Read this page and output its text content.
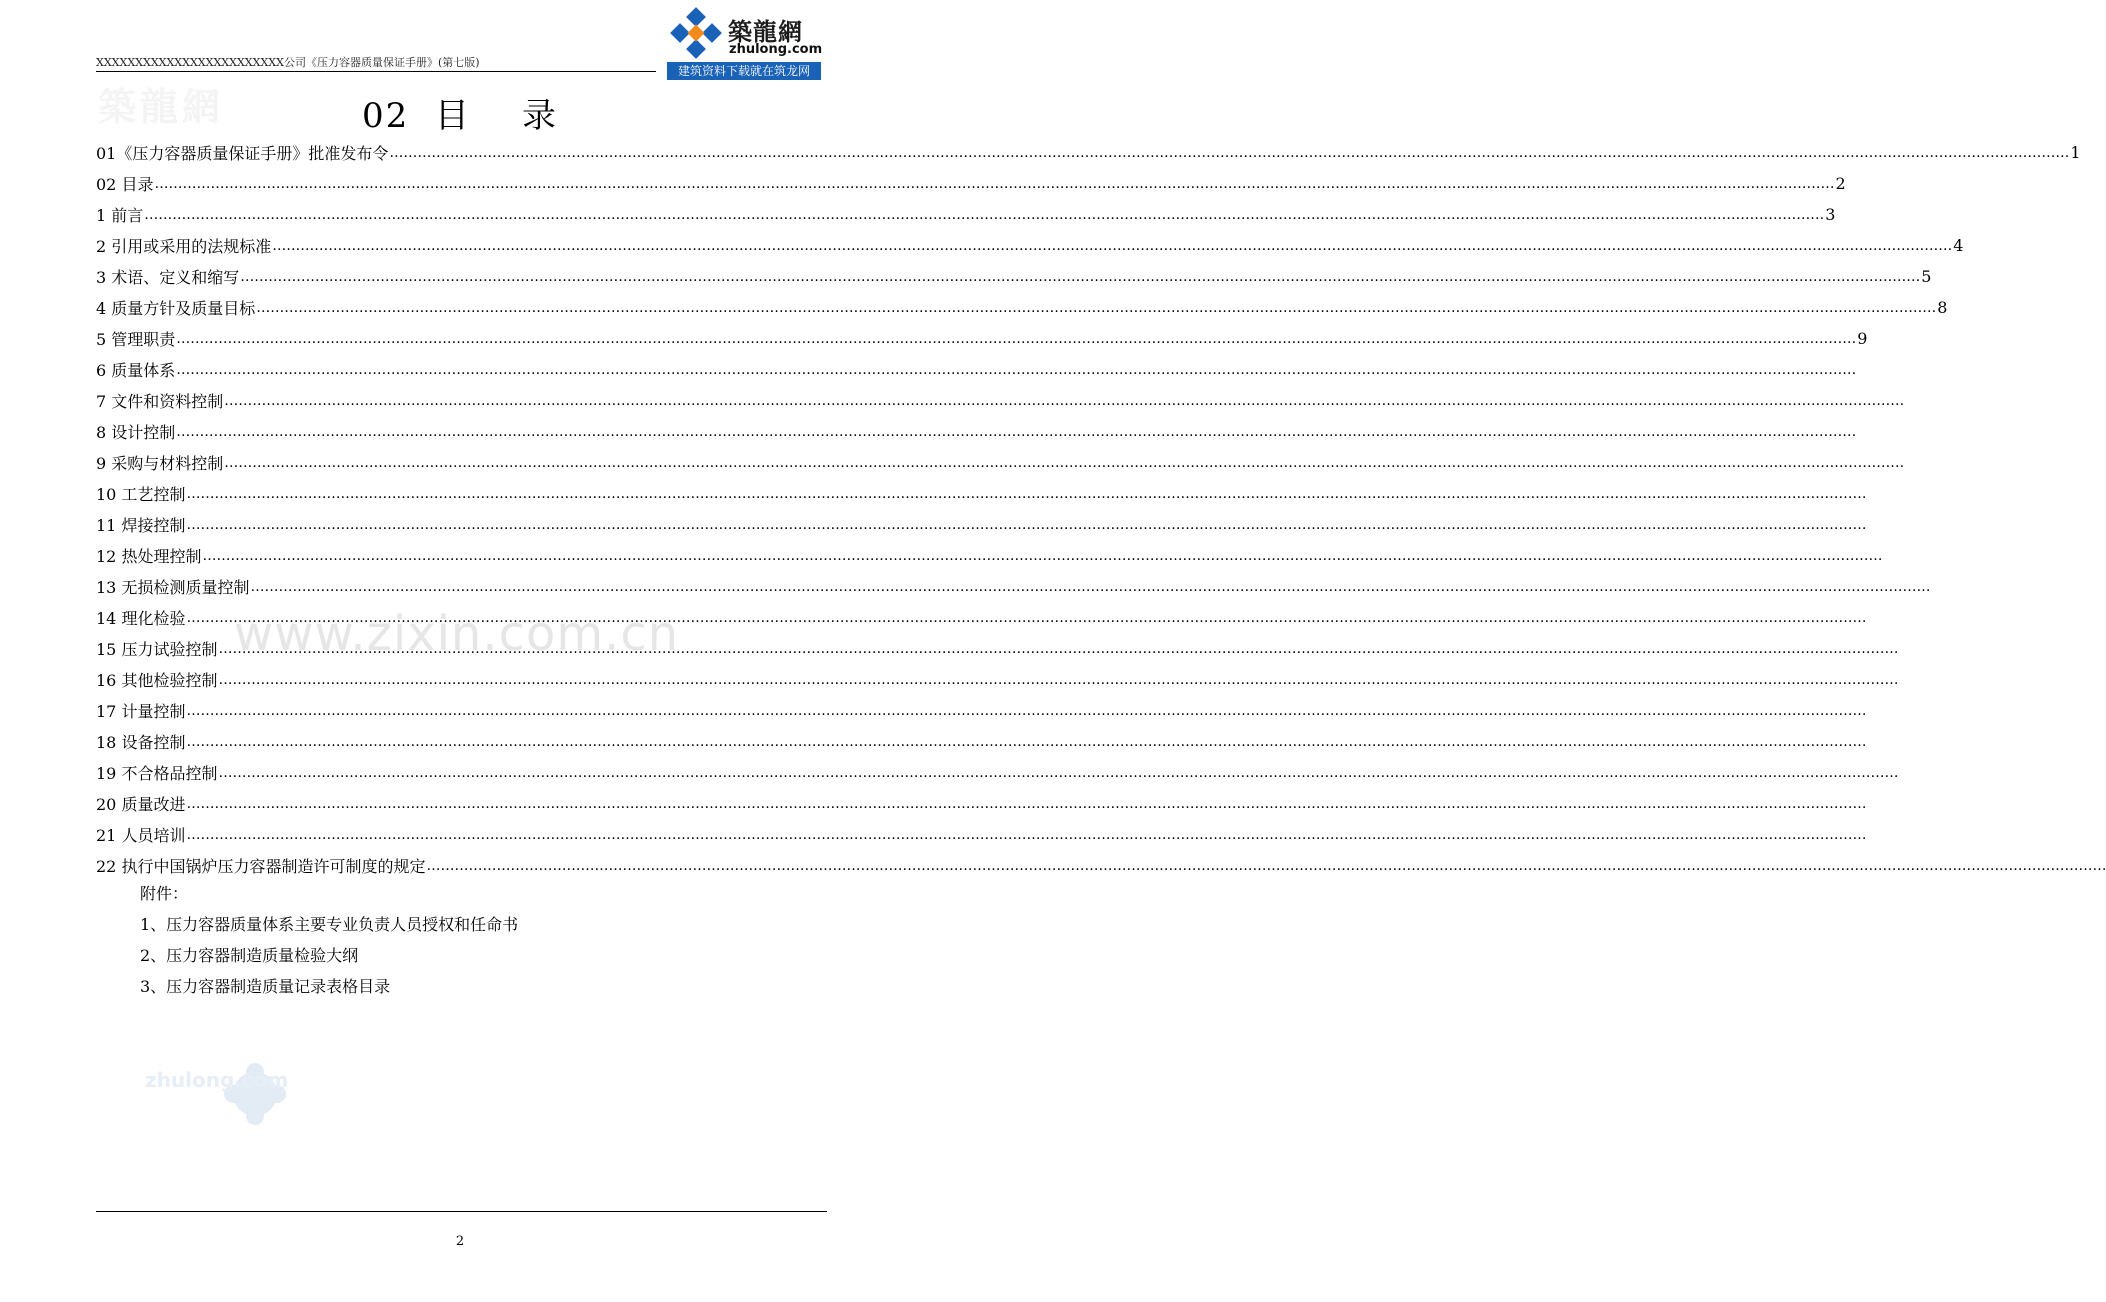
XXXXXXXXXXXXXXXXXXXXXXXX公司《压力容器质量保证手册》(第七版)
築龍網
zhulong.com
建筑资料下载就在筑龙网
築龍網
www.zixin.com.cn
02  目    录
01《压力容器质量保证手册》批准发布令 ……………………………………………………………………………………………………………………………………………………………………………………………………………………………………………………………………………………………………………………………… 1
02 目录 ……………………………………………………………………………………………………………………………………………………………………………………………………………………………………………………………………………………………………………………………… 2
1 前言 ……………………………………………………………………………………………………………………………………………………………………………………………………………………………………………………………………………………………………………………………… 3
2 引用或采用的法规标准 ……………………………………………………………………………………………………………………………………………………………………………………………………………………………………………………………………………………………………………………………… 4
3 术语、定义和缩写 ……………………………………………………………………………………………………………………………………………………………………………………………………………………………………………………………………………………………………………………………… 5
4 质量方针及质量目标 ……………………………………………………………………………………………………………………………………………………………………………………………………………………………………………………………………………………………………………………………… 8
5 管理职责 ……………………………………………………………………………………………………………………………………………………………………………………………………………………………………………………………………………………………………………………………… 9
6 质量体系 ………………………………………………………………………………………………………………………………………………………………………………………………………………………………………………………………………………………………………………………………
7 文件和资料控制 ………………………………………………………………………………………………………………………………………………………………………………………………………………………………………………………………………………………………………………………………
8 设计控制 ………………………………………………………………………………………………………………………………………………………………………………………………………………………………………………………………………………………………………………………………
9 采购与材料控制 ………………………………………………………………………………………………………………………………………………………………………………………………………………………………………………………………………………………………………………………………
10 工艺控制 ………………………………………………………………………………………………………………………………………………………………………………………………………………………………………………………………………………………………………………………………
11 焊接控制 ………………………………………………………………………………………………………………………………………………………………………………………………………………………………………………………………………………………………………………………………
12 热处理控制 ………………………………………………………………………………………………………………………………………………………………………………………………………………………………………………………………………………………………………………………………
13 无损检测质量控制 ………………………………………………………………………………………………………………………………………………………………………………………………………………………………………………………………………………………………………………………………
14 理化检验 ………………………………………………………………………………………………………………………………………………………………………………………………………………………………………………………………………………………………………………………………
15 压力试验控制 ………………………………………………………………………………………………………………………………………………………………………………………………………………………………………………………………………………………………………………………………
16 其他检验控制 ………………………………………………………………………………………………………………………………………………………………………………………………………………………………………………………………………………………………………………………………
17 计量控制 ………………………………………………………………………………………………………………………………………………………………………………………………………………………………………………………………………………………………………………………………
18 设备控制 ………………………………………………………………………………………………………………………………………………………………………………………………………………………………………………………………………………………………………………………………
19 不合格品控制 ………………………………………………………………………………………………………………………………………………………………………………………………………………………………………………………………………………………………………………………………
20 质量改进 ………………………………………………………………………………………………………………………………………………………………………………………………………………………………………………………………………………………………………………………………
21 人员培训 ………………………………………………………………………………………………………………………………………………………………………………………………………………………………………………………………………………………………………………………………
22 执行中国锅炉压力容器制造许可制度的规定 ………………………………………………………………………………………………………………………………………………………………………………………………………………………………………………………………………………………………………………………………
附件：
1、压力容器质量体系主要专业负责人员授权和任命书
2、压力容器制造质量检验大纲
3、压力容器制造质量记录表格目录
zhulong.com
2
